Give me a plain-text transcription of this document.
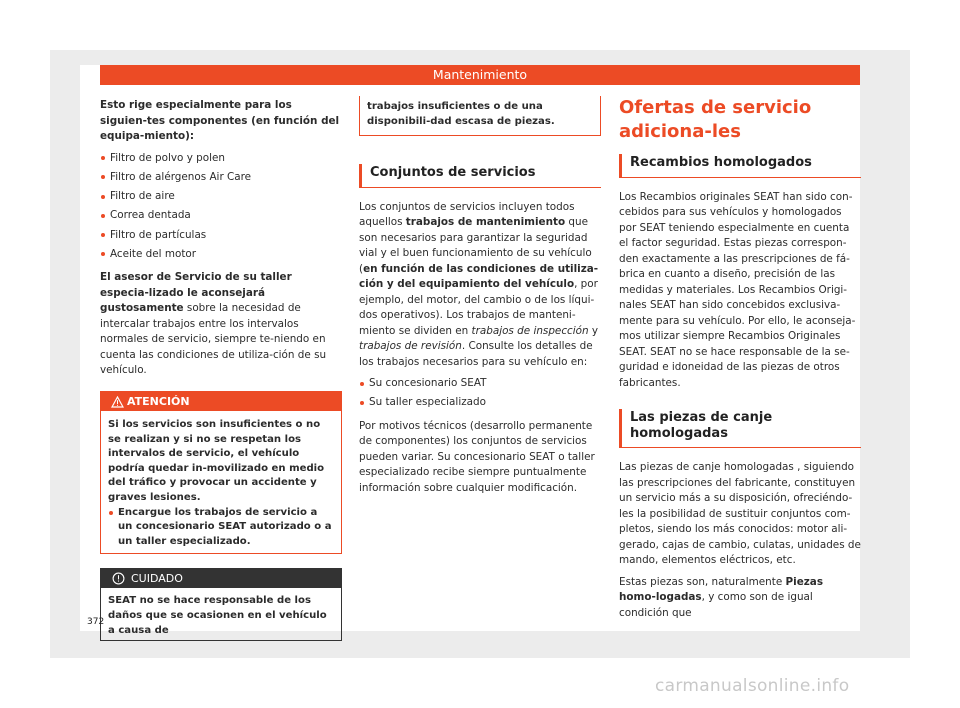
Mantenimiento

Esto rige especialmente para los siguien-tes componentes (en función del equipa-miento):

Filtro de polvo y polen
Filtro de alérgenos Air Care
Filtro de aire
Correa dentada
Filtro de partículas
Aceite del motor

El asesor de Servicio de su taller especia-lizado le aconsejará gustosamente sobre la necesidad de intercalar trabajos entre los intervalos normales de servicio, siempre te-niendo en cuenta las condiciones de utiliza-ción de su vehículo.

ATENCIÓN
Si los servicios son insuficientes o no se realizan y si no se respetan los intervalos de servicio, el vehículo podría quedar in-movilizado en medio del tráfico y provocar un accidente y graves lesiones.
Encargue los trabajos de servicio a un concesionario SEAT autorizado o a un taller especializado.
CUIDADO
SEAT no se hace responsable de los daños que se ocasionen en el vehículo a causa de
trabajos insuficientes o de una disponibili-dad escasa de piezas.
Conjuntos de servicios

Los conjuntos de servicios incluyen todos aquellos trabajos de mantenimiento que son necesarios para garantizar la seguridad vial y el buen funcionamiento de su vehículo (en función de las condiciones de utiliza-ción y del equipamiento del vehículo, por ejemplo, del motor, del cambio o de los líqui-dos operativos). Los trabajos de manteni-miento se dividen en trabajos de inspección y trabajos de revisión. Consulte los detalles de los trabajos necesarios para su vehículo en:

Su concesionario SEAT
Su taller especializado

Por motivos técnicos (desarrollo permanente de componentes) los conjuntos de servicios pueden variar. Su concesionario SEAT o taller especializado recibe siempre puntualmente información sobre cualquier modificación.

Ofertas de servicio adiciona-les
Recambios homologados

Los Recambios originales SEAT han sido con-cebidos para sus vehículos y homologados por SEAT teniendo especialmente en cuenta el factor seguridad. Estas piezas correspon-den exactamente a las prescripciones de fá-brica en cuanto a diseño, precisión de las medidas y materiales. Los Recambios Origi-nales SEAT han sido concebidos exclusiva-mente para su vehículo. Por ello, le aconseja-mos utilizar siempre Recambios Originales SEAT. SEAT no se hace responsable de la se-guridad e idoneidad de las piezas de otros fabricantes.

Las piezas de canje homologadas

Las piezas de canje homologadas , siguiendo las prescripciones del fabricante, constituyen un servicio más a su disposición, ofreciéndo-les la posibilidad de sustituir conjuntos com-pletos, siendo los más conocidos: motor ali-gerado, cajas de cambio, culatas, unidades de mando, elementos eléctricos, etc.

Estas piezas son, naturalmente Piezas homo-logadas, y como son de igual condición que

372
carmanualsonline.info
